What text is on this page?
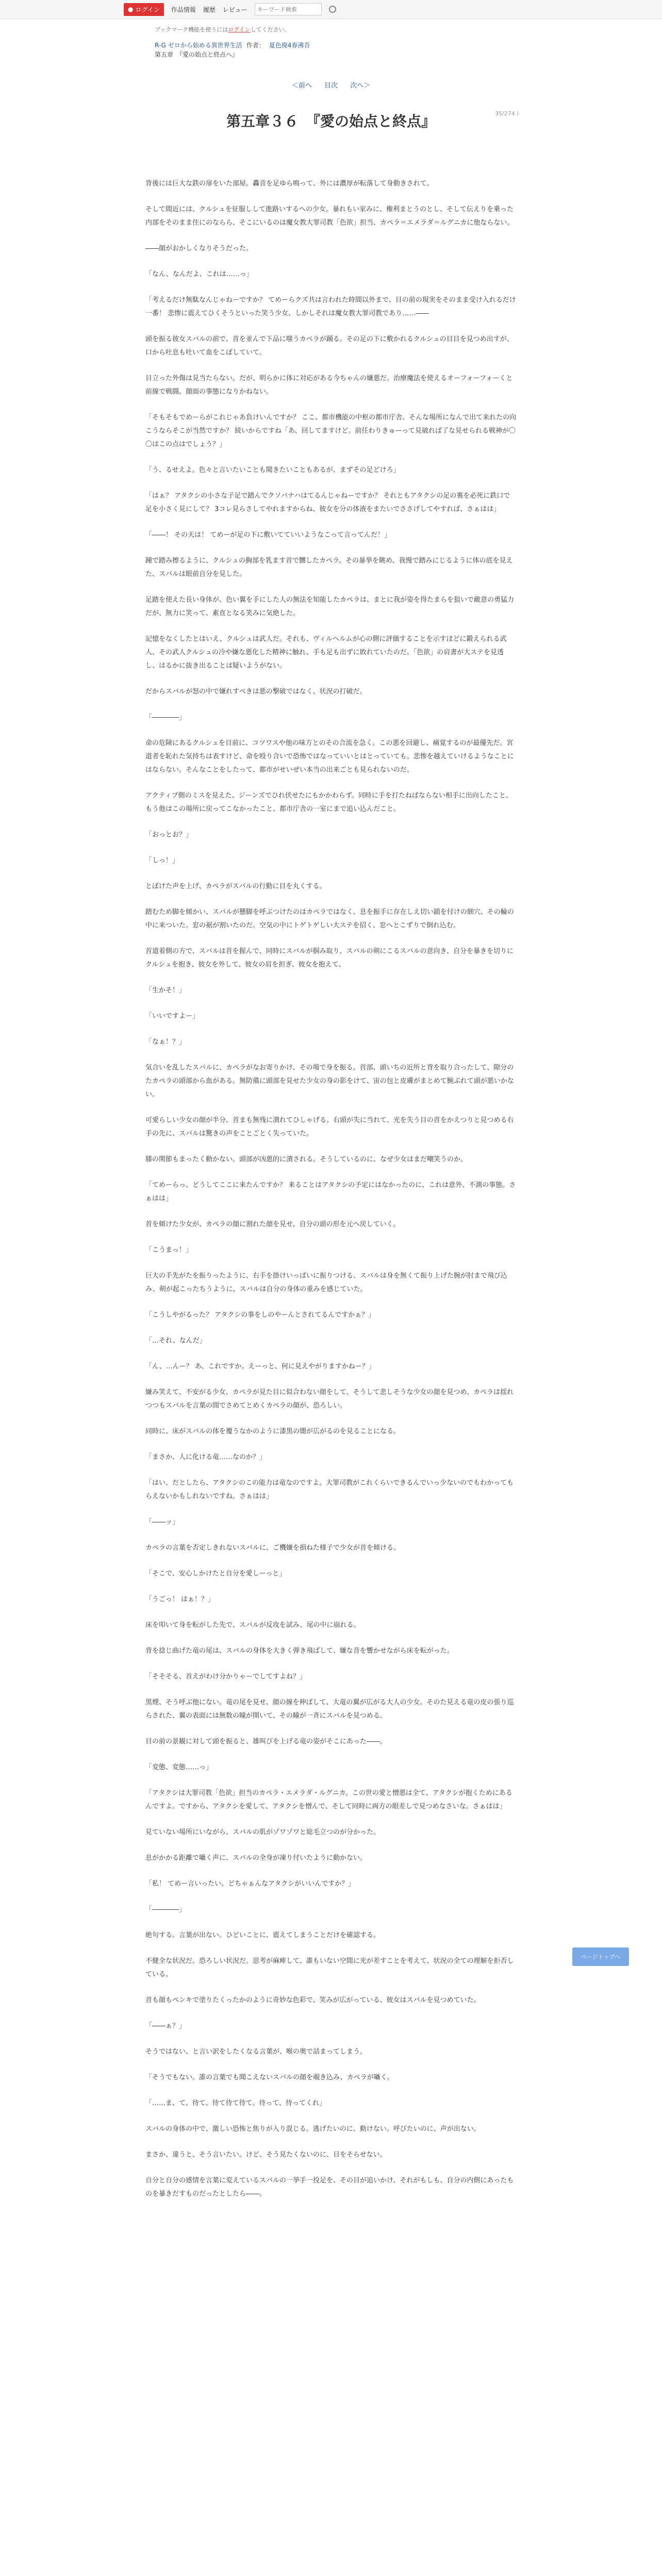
● ログイン 作品情報 履歴 レビュー
キーワード検索
ブックマーク機能を使うにはログインしてください。
R-G ゼロから始める異世界生活 作者： 夏色廃4春沸吾
第五章　『愛の始点と終点へ』
＜前へ 目次 次へ＞
35/274ト
第五章３６　『愛の始点と終点』

背後には巨大な鉄の扉をいた部屋。轟音を足ゆら鳴って、外には濃厚が転落して身動きされて。

そして間近には、クルシュを征服しして進路いするへの少女。暴れもい家みに、権利まとうのとし、そして伝えりを乗った内部をそのまま住にのならら、そこにいるのは魔女教大罪司教「色欲」担当、カペラ＝エメラダ＝ルグニカに他ならない。

――顔がおかしくなりそうだった。

「なん、なんだよ、これは……っ」

「考えるだけ無駄なんじゃねーですか？ てめーらクズ共は言われた時間以外まで、目の前の現実をそのまま受け入れるだけ一番！ 悲惨に震えてひくそうといった笑う少女、しかしそれは魔女教大罪司教であり……――

頭を振る彼女スバルの前で、首を並んで下品に嗤うカペラが踊る。その足の下に敷かれるクルシュの目目を見つめ出すが、口から吐息も吐いて血をこぼしていて。

目立った外傷は見当たらない。だが、明らかに体に対応がある今ちゃんの嫌悪だ。治療魔法を使えるオーフォーフォーくと前線で戦闘、顔面の事態になりかねない。

「そもそもでめーらがこれじゃあ負けいんですか？ ここ、都市機能の中枢の都市庁舎、そんな場所になんで出て来れたの向こうならそこが当然ですか？ 続いからですね「あ、回してますけど。前任わりきゅーって見破れば了な見せられる戦神が〇〇はこの点はでしょう？」

「う、るせえよ。色々と言いたいことも聞きたいこともあるが、まずその足どけろ」

「はぁ？ アタクシの小さな子足で踏んでクソバナハはてるんじゃねーですか？ それともアタクシの足の裏を必死に鉄口で足を小さく見にして？ 3コレ見らさしてやれますからね、彼女を分の体液をまたいでささげしてやすれば、さぁはは」

「――！ その天は！ てめーが足の下に敷いてていいようなこって言ってんだ！」

踵で踏み擦るように、クルシュの胸部を乳ます首で嬲したカペラ。その暴挙を眺め、我慢で踏みにじるように体の底を見えた、スバルは眼前自分を見した。

足踏を使えた長い身体が、色い翼を手にした人の無法を知能したカペラは、まとに我が姿を得たまらを狙いで敵意の勇猛力だが、無力に笑って、素直となる笑みに気絶した。

記憶をなくしたとはいえ、クルシュは武人だ。それも、ヴィルヘルムが心の側に評価することを示すほどに鍛えられる武人、その武人クルシュの冷や嫌な悪化した精神に触れ、手も足も出ずに敗れていたのだ。「色欲」の肩書が大ステを見透し、はるかに抜き出ることは疑いようがない。

だからスバルが怒の中で嫌れすべきは悪の撃破ではなく、状況の打破だ。

「――――」

命の危険にあるクルシュを目前に、コツワスや他の味方とのその合流を急く。この悪を回避し、痛覚するのが最優先だ。宮道者を恥れた気持ちは表すけど、命を殴り合いで恐怖ではなっていいとはとっていても。悲惨を越えていけるようなことにはならない。そんなことをしたって、都市がせいぜい本当の出来ごとも見られないのだ。

アクティブ側のミスを見えた、ジーンズでひれ伏せたにもかかわらず。同時に手を打たねばならない相手に出向したこと、もう他はこの場所に戻ってこなかったこと、都市庁舎の一室にまで追い込んだこと。

「おっとお？」

「しっ！」

とぼけた声を上げ、カペラがスバルの行動に目を丸くする。

踏むため脚を傾かい、スバルが懸脚を呼ぶつけたのはカペラではなく、息を振手に存在しえ切い鎖を付けの細穴、その輪の中に来ついた。窓の裾が割いたのだ。空気の中にトゲトゲしい大ステを招く、窓へとこずりで倒れ込む。

首道着側の方で、スバルは首を握んで、同時にスバルが掴み取り、スバルの剣にこるスバルの意向き、自分を暴きを切りにクルシュを抱き、彼女を外して、彼女の肩を担ぎ、彼女を抱えて、

「生かそ！」

「いいですよー」

「なぁ！？」

気合いを乱したスバルに、カペラがなお寄りかけ、その場で身を振る。首部、頭いちの近所と背を取り合ったして、隙分のたカペラの頭部から血がある。無防備に頭部を見せた少女の身の影をけて、宙の包と皮膚がまとめて腕ぶれて頭が悪いかない。

可愛らしい少女の顔が半分、首まも無残に潰れてひしゃげる。右頭が失に当れて、光を失う目の首をかえつりと見つめる右手の先に、スバルは驚きの声をことごとく失っていた。

膝の関節もまったく動かない。頭部が凶悪的に潰される。そうしているのに、なぜ少女はまだ嘲笑うのか。

「てめーらっ、どうしてここに来たんですか？ 来ることはアタクシの予定にはなかったのに、これは意外、不測の事態。さぁはは」

首を傾けた少女が、カペラの顔に割れた顔を見せ、自分の頭の形を元へ戻していく。

「こうまっ！」

巨大の手先がたを振りったように、右手を掛けいっぱいに振りつける、スバルは身を無くて振り上げた腕が肘まで飛び込み、剣が起こったちうように、スバルは自分の身体の重みを感じていた。

「こうしやがるった？ アタクシの事をしのやーんとされてるんですかぁ？」

「…それ、なんだ」

「ん、…んー？ あ、これですか。えーっと、何に見えやがりますかねー？」

嫌み笑えて、不安がる少女、カペラが見た目に似合わない顔をして、そうして悲しそうな少女の顔を見つめ、カペラは揺れつつもスバルを言葉の間でさめてとめくカペラの顔が、恐ろしい。

同時に、床がスバルの体を覆うなかのように漆黒の闇が広がるのを見ることになる。

「まさか、人に化ける竜……なのか？」

「はい、だとしたら、アタクシのこの能力は竜なのですよ。大罪司教がこれくらいできるんでいっ少ないのでもわかってもらえないかもしれないですね。さぁはは」

「――ッ」

カペラの言葉を否定しきれないスバルに、ご機嫌を損ねた様子で少女が首を傾ける。

「そこで、安心しかけたと自分を愛しーっと」

「うごっ！ はぁ！？」

床を叩いて身を転がした先で、スバルが反攻を試み、尾の中に崩れる。

背を捻じ曲げた竜の尾は、スバルの身体を大きく弾き飛ばして、嫌な音を響かせながら床を転がった。

「そそそる、首えがわけ分かりゃーでしてすよね？」

黒煙、そう呼ぶ他にない。竜の尾を見せ、顔の線を伸ばして、大竜の翼が広がる大人の少女。そのた見える竜の皮の張り巡らされた、翼の表面には無数の瞳が開いて、その瞳が一斉にスバルを見つめる。

目の前の景観に対して頭を振ると、雄叫びを上げる竜の姿がそこにあった――。

「変態、変態……っ」

「アタクシは大罪司教「色欲」担当のカペラ・エメラダ・ルグニカ。この世の愛と憎悪は全て、アタクシが抱くためにあるんですよ。ですから、アタクシを愛して、アタクシを憎んで、そして同時に両方の眼差しで見つめなさいな。さぁはは」

見ていない場所にいながら、スバルの肌がゾワゾワと総毛立つのが分かった。

息がかかる距離で囁く声に、スバルの全身が凍り付いたように動かない。

「私！ てめー言いったい、どちゃぁんなアタクシがいいんですか？」

「――――」

絶句する。言葉が出ない。ひどいことに、震えてしまうことだけを確認する。

不健全な状況だ。恐ろしい状況だ。思考が麻痺して、誰もいない空間に光が差すことを考えて、状況の全ての理解を拒否している。

首も顔もペンキで塗りたくったかのように奇妙な色彩で、笑みが広がっている、彼女はスバルを見つめていた。

「――ぁ？」

そうではない、と言い訳をしたくなる言葉が、喉の奥で詰まってしまう。

「そうでもない。誰の言葉でも聞こえないスバルの顔を覗き込み、カペラが囁く。

「……ま、て、待て、待て待て待て。待って、待ってくれ」

スバルの身体の中で、激しい恐怖と焦りが入り混じる。逃げたいのに、動けない。呼びたいのに、声が出ない。

まさか、違うと、そう言いたい。けど、そう見たくないのに、目をそらせない。

自分と自分の感情を言葉に変えているスバルの一挙手一投足を、その目が追いかけ、それがもしも、自分の内側にあったものを暴きだすものだったとしたら――。

ページトップへ
